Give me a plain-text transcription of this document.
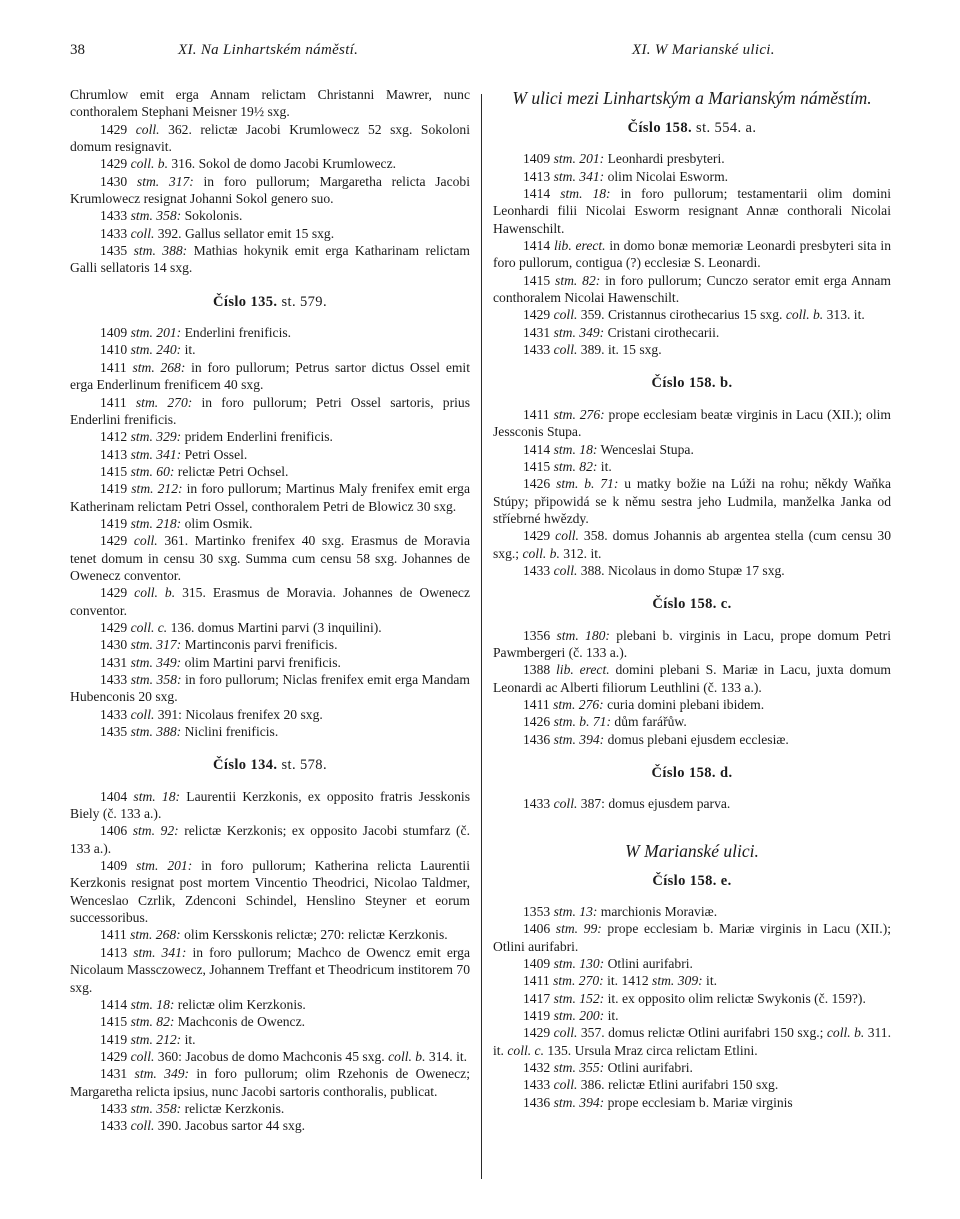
38	XI. Na Linhartském náměstí.	XI. W Marianské ulici.

Chrumlow emit erga Annam relictam Christanni Mawrer, nunc conthoralem Stephani Meisner 19½ sxg.

1429 coll. 362. relictæ Jacobi Krumlowecz 52 sxg. Sokoloni domum resignavit.

1429 coll. b. 316. Sokol de domo Jacobi Krumlowecz.

1430 stm. 317: in foro pullorum; Margaretha relicta Jacobi Krumlowecz resignat Johanni Sokol genero suo.

1433 stm. 358: Sokolonis.

1433 coll. 392. Gallus sellator emit 15 sxg.

1435 stm. 388: Mathias hokynik emit erga Katharinam relictam Galli sellatoris 14 sxg.

Číslo 135. st. 579.

1409 stm. 201: Enderlini frenificis.

1410 stm. 240: it.

1411 stm. 268: in foro pullorum; Petrus sartor dictus Ossel emit erga Enderlinum frenificem 40 sxg.

1411 stm. 270: in foro pullorum; Petri Ossel sartoris, prius Enderlini frenificis.

1412 stm. 329: pridem Enderlini frenificis.

1413 stm. 341: Petri Ossel.

1415 stm. 60: relictæ Petri Ochsel.

1419 stm. 212: in foro pullorum; Martinus Maly frenifex emit erga Katherinam relictam Petri Ossel, conthoralem Petri de Blowicz 30 sxg.

1419 stm. 218: olim Osmik.

1429 coll. 361. Martinko frenifex 40 sxg. Erasmus de Moravia tenet domum in censu 30 sxg. Summa cum censu 58 sxg. Johannes de Owenecz conventor.

1429 coll. b. 315. Erasmus de Moravia. Johannes de Owenecz conventor.

1429 coll. c. 136. domus Martini parvi (3 inquilini).

1430 stm. 317: Martinconis parvi frenificis.

1431 stm. 349: olim Martini parvi frenificis.

1433 stm. 358: in foro pullorum; Niclas frenifex emit erga Mandam Hubenconis 20 sxg.

1433 coll. 391: Nicolaus frenifex 20 sxg.

1435 stm. 388: Niclini frenificis.

Číslo 134. st. 578.

1404 stm. 18: Laurentii Kerzkonis, ex opposito fratris Jesskonis Biely (č. 133 a.).

1406 stm. 92: relictæ Kerzkonis; ex opposito Jacobi stumfarz (č. 133 a.).

1409 stm. 201: in foro pullorum; Katherina relicta Laurentii Kerzkonis resignat post mortem Vincentio Theodrici, Nicolao Taldmer, Wenceslao Czrlik, Zdenconi Schindel, Henslino Steyner et eorum successoribus.

1411 stm. 268: olim Kersskonis relictæ; 270: relictæ Kerzkonis.

1413 stm. 341: in foro pullorum; Machco de Owencz emit erga Nicolaum Massczowecz, Johannem Treffant et Theodricum institorem 70 sxg.

1414 stm. 18: relictæ olim Kerzkonis.

1415 stm. 82: Machconis de Owencz.

1419 stm. 212: it.

1429 coll. 360: Jacobus de domo Machconis 45 sxg. coll. b. 314. it.

1431 stm. 349: in foro pullorum; olim Rzehonis de Owenecz; Margaretha relicta ipsius, nunc Jacobi sartoris conthoralis, publicat.

1433 stm. 358: relictæ Kerzkonis.

1433 coll. 390. Jacobus sartor 44 sxg.

W ulici mezi Linhartským a Marianským náměstím.
Číslo 158. st. 554. a.

1409 stm. 201: Leonhardi presbyteri.

1413 stm. 341: olim Nicolai Esworm.

1414 stm. 18: in foro pullorum; testamentarii olim domini Leonhardi filii Nicolai Esworm resignant Annæ conthorali Nicolai Hawenschilt.

1414 lib. erect. in domo bonæ memoriæ Leonardi presbyteri sita in foro pullorum, contigua (?) ecclesiæ S. Leonardi.

1415 stm. 82: in foro pullorum; Cunczo serator emit erga Annam conthoralem Nicolai Hawenschilt.

1429 coll. 359. Cristannus cirothecarius 15 sxg. coll. b. 313. it.

1431 stm. 349: Cristani cirothecarii.

1433 coll. 389. it. 15 sxg.

Číslo 158. b.

1411 stm. 276: prope ecclesiam beatæ virginis in Lacu (XII.); olim Jessconis Stupa.

1414 stm. 18: Wenceslai Stupa.

1415 stm. 82: it.

1426 stm. b. 71: u matky božie na Lúži na rohu; někdy Waňka Stúpy; připowidá se k němu sestra jeho Ludmila, manželka Janka od stříebrné hwězdy.

1429 coll. 358. domus Johannis ab argentea stella (cum censu 30 sxg.; coll. b. 312. it.

1433 coll. 388. Nicolaus in domo Stupæ 17 sxg.

Číslo 158. c.

1356 stm. 180: plebani b. virginis in Lacu, prope domum Petri Pawmbergeri (č. 133 a.).

1388 lib. erect. domini plebani S. Mariæ in Lacu, juxta domum Leonardi ac Alberti filiorum Leuthlini (č. 133 a.).

1411 stm. 276: curia domini plebani ibidem.

1426 stm. b. 71: dům farářůw.

1436 stm. 394: domus plebani ejusdem ecclesiæ.

Číslo 158. d.

1433 coll. 387: domus ejusdem parva.

W Marianské ulici.
Číslo 158. e.

1353 stm. 13: marchionis Moraviæ.

1406 stm. 99: prope ecclesiam b. Mariæ virginis in Lacu (XII.); Otlini aurifabri.

1409 stm. 130: Otlini aurifabri.

1411 stm. 270: it. 1412 stm. 309: it.

1417 stm. 152: it. ex opposito olim relictæ Swykonis (č. 159?).

1419 stm. 200: it.

1429 coll. 357. domus relictæ Otlini aurifabri 150 sxg.; coll. b. 311. it. coll. c. 135. Ursula Mraz circa relictam Etlini.

1432 stm. 355: Otlini aurifabri.

1433 coll. 386. relictæ Etlini aurifabri 150 sxg.

1436 stm. 394: prope ecclesiam b. Mariæ virginis
